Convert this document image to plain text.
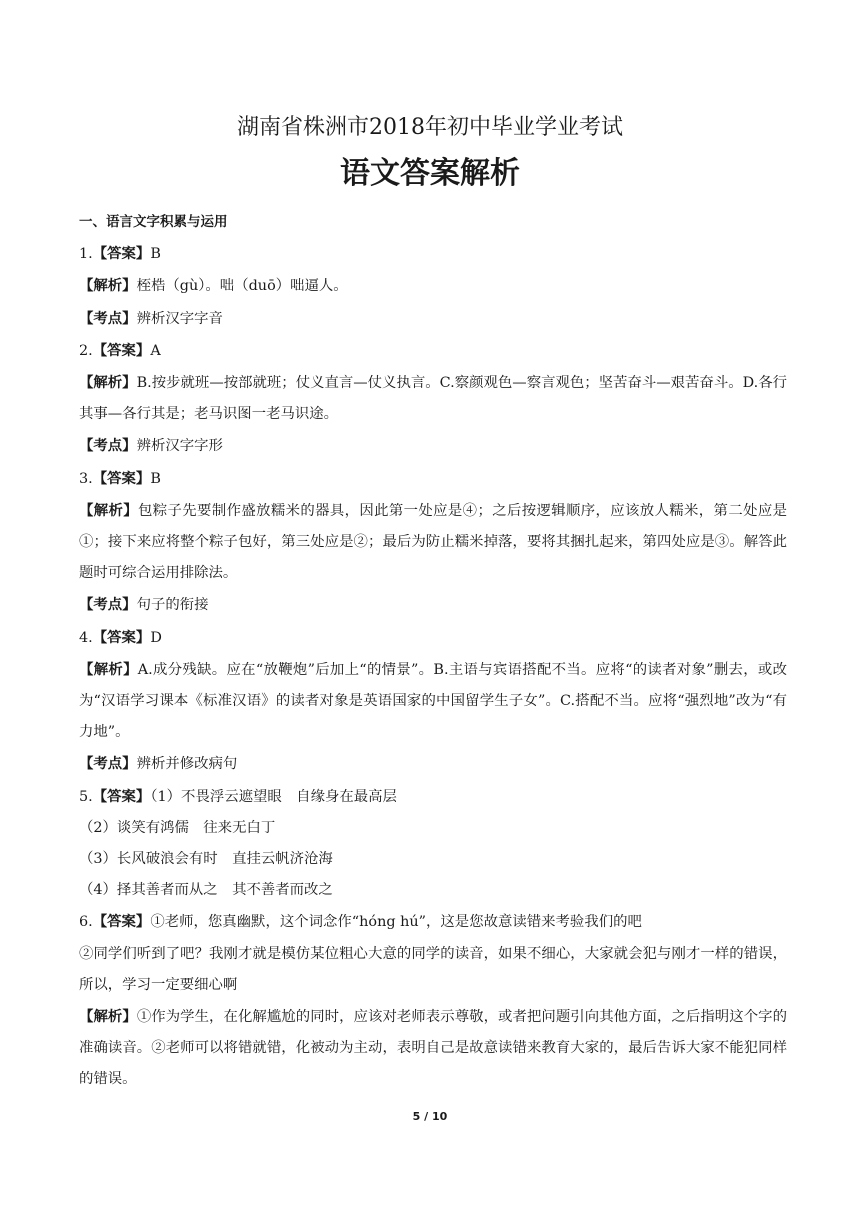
湖南省株洲市2018年初中毕业学业考试
语文答案解析
一、语言文字积累与运用
1.【答案】B
【解析】桎梏（gù）。咄（duō）咄逼人。
【考点】辨析汉字字音
2.【答案】A
【解析】B.按步就班—按部就班；仗义直言—仗义执言。C.察颜观色—察言观色；坚苦奋斗—艰苦奋斗。D.各行其事—各行其是；老马识图一老马识途。
【考点】辨析汉字字形
3.【答案】B
【解析】包粽子先要制作盛放糯米的器具，因此第一处应是④；之后按逻辑顺序，应该放人糯米，第二处应是①；接下来应将整个粽子包好，第三处应是②；最后为防止糯米掉落，要将其捆扎起来，第四处应是③。解答此题时可综合运用排除法。
【考点】句子的衔接
4.【答案】D
【解析】A.成分残缺。应在“放鞭炮”后加上“的情景”。B.主语与宾语搭配不当。应将“的读者对象”删去，或改为“汉语学习课本《标准汉语》的读者对象是英语国家的中国留学生子女”。C.搭配不当。应将“强烈地”改为“有力地”。
【考点】辨析并修改病句
5.【答案】（1）不畏浮云遮望眼　自缘身在最高层
（2）谈笑有鸿儒　往来无白丁
（3）长风破浪会有时　直挂云帆济沧海
（4）择其善者而从之　其不善者而改之
6.【答案】①老师，您真幽默，这个词念作“hóng hú”，这是您故意读错来考验我们的吧
②同学们听到了吧？我刚才就是模仿某位粗心大意的同学的读音，如果不细心，大家就会犯与刚才一样的错误，所以，学习一定要细心啊
【解析】①作为学生，在化解尴尬的同时，应该对老师表示尊敬，或者把问题引向其他方面，之后指明这个字的准确读音。②老师可以将错就错，化被动为主动，表明自己是故意读错来教育大家的，最后告诉大家不能犯同样的错误。
5 / 10
